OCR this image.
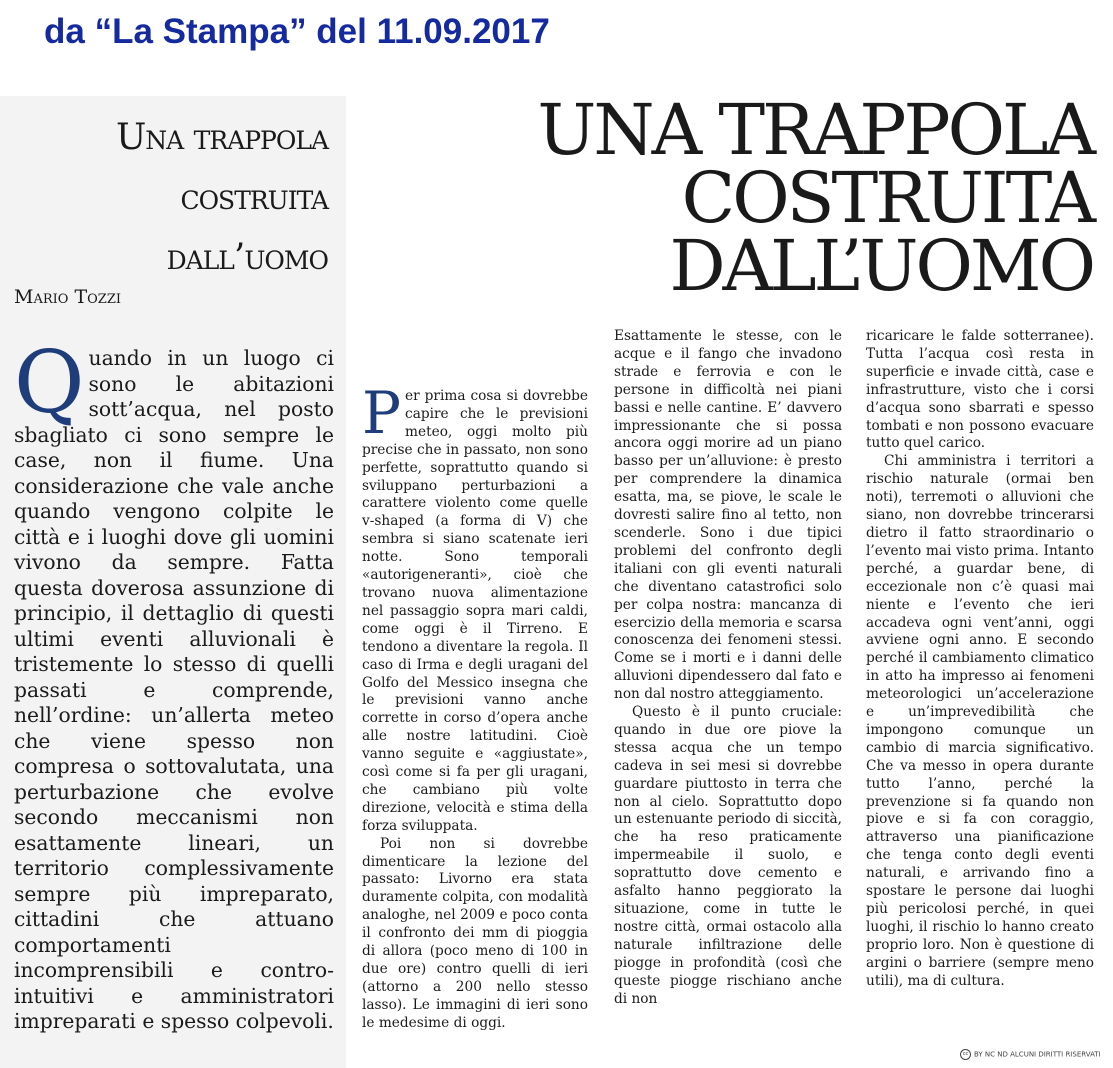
da “La Stampa” del 11.09.2017
Una trappola
costruita
dall’uomo

Mario Tozzi

Quando in un luogo ci sono le abitazioni sott’acqua, nel posto sbagliato ci sono sempre le case, non il fiume. Una considerazione che vale anche quando vengono colpite le città e i luoghi dove gli uomini vivono da sempre. Fatta questa doverosa assunzione di principio, il dettaglio di questi ultimi eventi alluvionali è tristemente lo stesso di quelli passati e comprende, nell’ordine: un’allerta meteo che viene spesso non compresa o sottovalutata, una perturbazione che evolve secondo meccanismi non esattamente lineari, un territorio complessivamente sempre più impreparato, cittadini che attuano comportamenti incomprensibili e contro-intuitivi e amministratori impreparati e spesso colpevoli.

UNA TRAPPOLA
COSTRUITA
DALL’UOMO

Per prima cosa si dovrebbe capire che le previsioni meteo, oggi molto più precise che in passato, non sono perfette, soprattutto quando si sviluppano perturbazioni a carattere violento come quelle v-shaped (a forma di V) che sembra si siano scatenate ieri notte. Sono temporali «autorigeneranti», cioè che trovano nuova alimentazione nel passaggio sopra mari caldi, come oggi è il Tirreno. E tendono a diventare la regola. Il caso di Irma e degli uragani del Golfo del Messico insegna che le previsioni vanno anche corrette in corso d’opera anche alle nostre latitudini. Cioè vanno seguite e «aggiustate», così come si fa per gli uragani, che cambiano più volte direzione, velocità e stima della forza sviluppata.

Poi non si dovrebbe dimenticare la lezione del passato: Livorno era stata duramente colpita, con modalità analoghe, nel 2009 e poco conta il confronto dei mm di pioggia di allora (poco meno di 100 in due ore) contro quelli di ieri (attorno a 200 nello stesso lasso). Le immagini di ieri sono le medesime di oggi.

Esattamente le stesse, con le acque e il fango che invadono strade e ferrovia e con le persone in difficoltà nei piani bassi e nelle cantine. E’ davvero impressionante che si possa ancora oggi morire ad un piano basso per un’alluvione: è presto per comprendere la dinamica esatta, ma, se piove, le scale le dovresti salire fino al tetto, non scenderle. Sono i due tipici problemi del confronto degli italiani con gli eventi naturali che diventano catastrofici solo per colpa nostra: mancanza di esercizio della memoria e scarsa conoscenza dei fenomeni stessi. Come se i morti e i danni delle alluvioni dipendessero dal fato e non dal nostro atteggiamento.

Questo è il punto cruciale: quando in due ore piove la stessa acqua che un tempo cadeva in sei mesi si dovrebbe guardare piuttosto in terra che non al cielo. Soprattutto dopo un estenuante periodo di siccità, che ha reso praticamente impermeabile il suolo, e soprattutto dove cemento e asfalto hanno peggiorato la situazione, come in tutte le nostre città, ormai ostacolo alla naturale infiltrazione delle piogge in profondità (così che queste piogge rischiano anche di non

ricaricare le falde sotterranee). Tutta l’acqua così resta in superficie e invade città, case e infrastrutture, visto che i corsi d’acqua sono sbarrati e spesso tombati e non possono evacuare tutto quel carico.

Chi amministra i territori a rischio naturale (ormai ben noti), terremoti o alluvioni che siano, non dovrebbe trincerarsi dietro il fatto straordinario o l’evento mai visto prima. Intanto perché, a guardar bene, di eccezionale non c’è quasi mai niente e l’evento che ieri accadeva ogni vent’anni, oggi avviene ogni anno. E secondo perché il cambiamento climatico in atto ha impresso ai fenomeni meteorologici un’accelerazione e un’imprevedibilità che impongono comunque un cambio di marcia significativo. Che va messo in opera durante tutto l’anno, perché la prevenzione si fa quando non piove e si fa con coraggio, attraverso una pianificazione che tenga conto degli eventi naturali, e arrivando fino a spostare le persone dai luoghi più pericolosi perché, in quei luoghi, il rischio lo hanno creato proprio loro. Non è questione di argini o barriere (sempre meno utili), ma di cultura.

cc BY NC ND ALCUNI DIRITTI RISERVATI
